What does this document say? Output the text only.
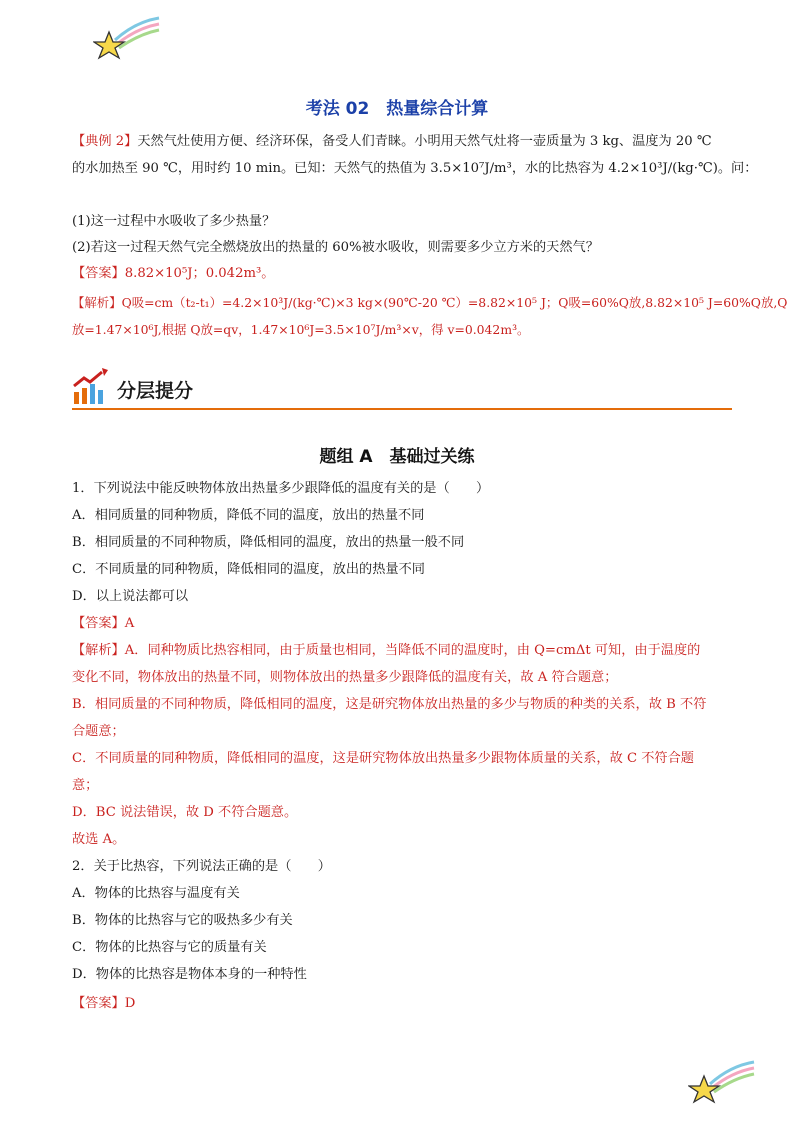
考法 02　热量综合计算
【典例 2】天然气灶使用方便、经济环保，备受人们青睐。小明用天然气灶将一壶质量为 3 kg、温度为 20 ℃
的水加热至 90 ℃，用时约 10 min。已知：天然气的热值为 3.5×10⁷J/m³，水的比热容为 4.2×10³J/(kg·℃)。问：
(1)这一过程中水吸收了多少热量？
(2)若这一过程天然气完全燃烧放出的热量的 60%被水吸收，则需要多少立方米的天然气？
【答案】8.82×10⁵J；0.042m³。
【解析】Q吸=cm（t₂-t₁）=4.2×10³J/(kg·℃)×3 kg×(90℃-20 ℃）=8.82×10⁵ J；Q吸=60%Q放,8.82×10⁵ J=60%Q放,Q
放=1.47×10⁶J,根据 Q放=qv，1.47×10⁶J=3.5×10⁷J/m³×v，得 v=0.042m³。
分层提分
题组 A　基础过关练
1．下列说法中能反映物体放出热量多少跟降低的温度有关的是（　　）
A．相同质量的同种物质，降低不同的温度，放出的热量不同
B．相同质量的不同种物质，降低相同的温度，放出的热量一般不同
C．不同质量的同种物质，降低相同的温度，放出的热量不同
D．以上说法都可以
【答案】A
【解析】A．同种物质比热容相同，由于质量也相同，当降低不同的温度时，由 Q=cmΔt 可知，由于温度的
变化不同，物体放出的热量不同，则物体放出的热量多少跟降低的温度有关，故 A 符合题意；
B．相同质量的不同种物质，降低相同的温度，这是研究物体放出热量的多少与物质的种类的关系，故 B 不符
合题意；
C．不同质量的同种物质，降低相同的温度，这是研究物体放出热量多少跟物体质量的关系，故 C 不符合题
意；
D．BC 说法错误，故 D 不符合题意。
故选 A。
2．关于比热容，下列说法正确的是（　　）
A．物体的比热容与温度有关
B．物体的比热容与它的吸热多少有关
C．物体的比热容与它的质量有关
D．物体的比热容是物体本身的一种特性
【答案】D
